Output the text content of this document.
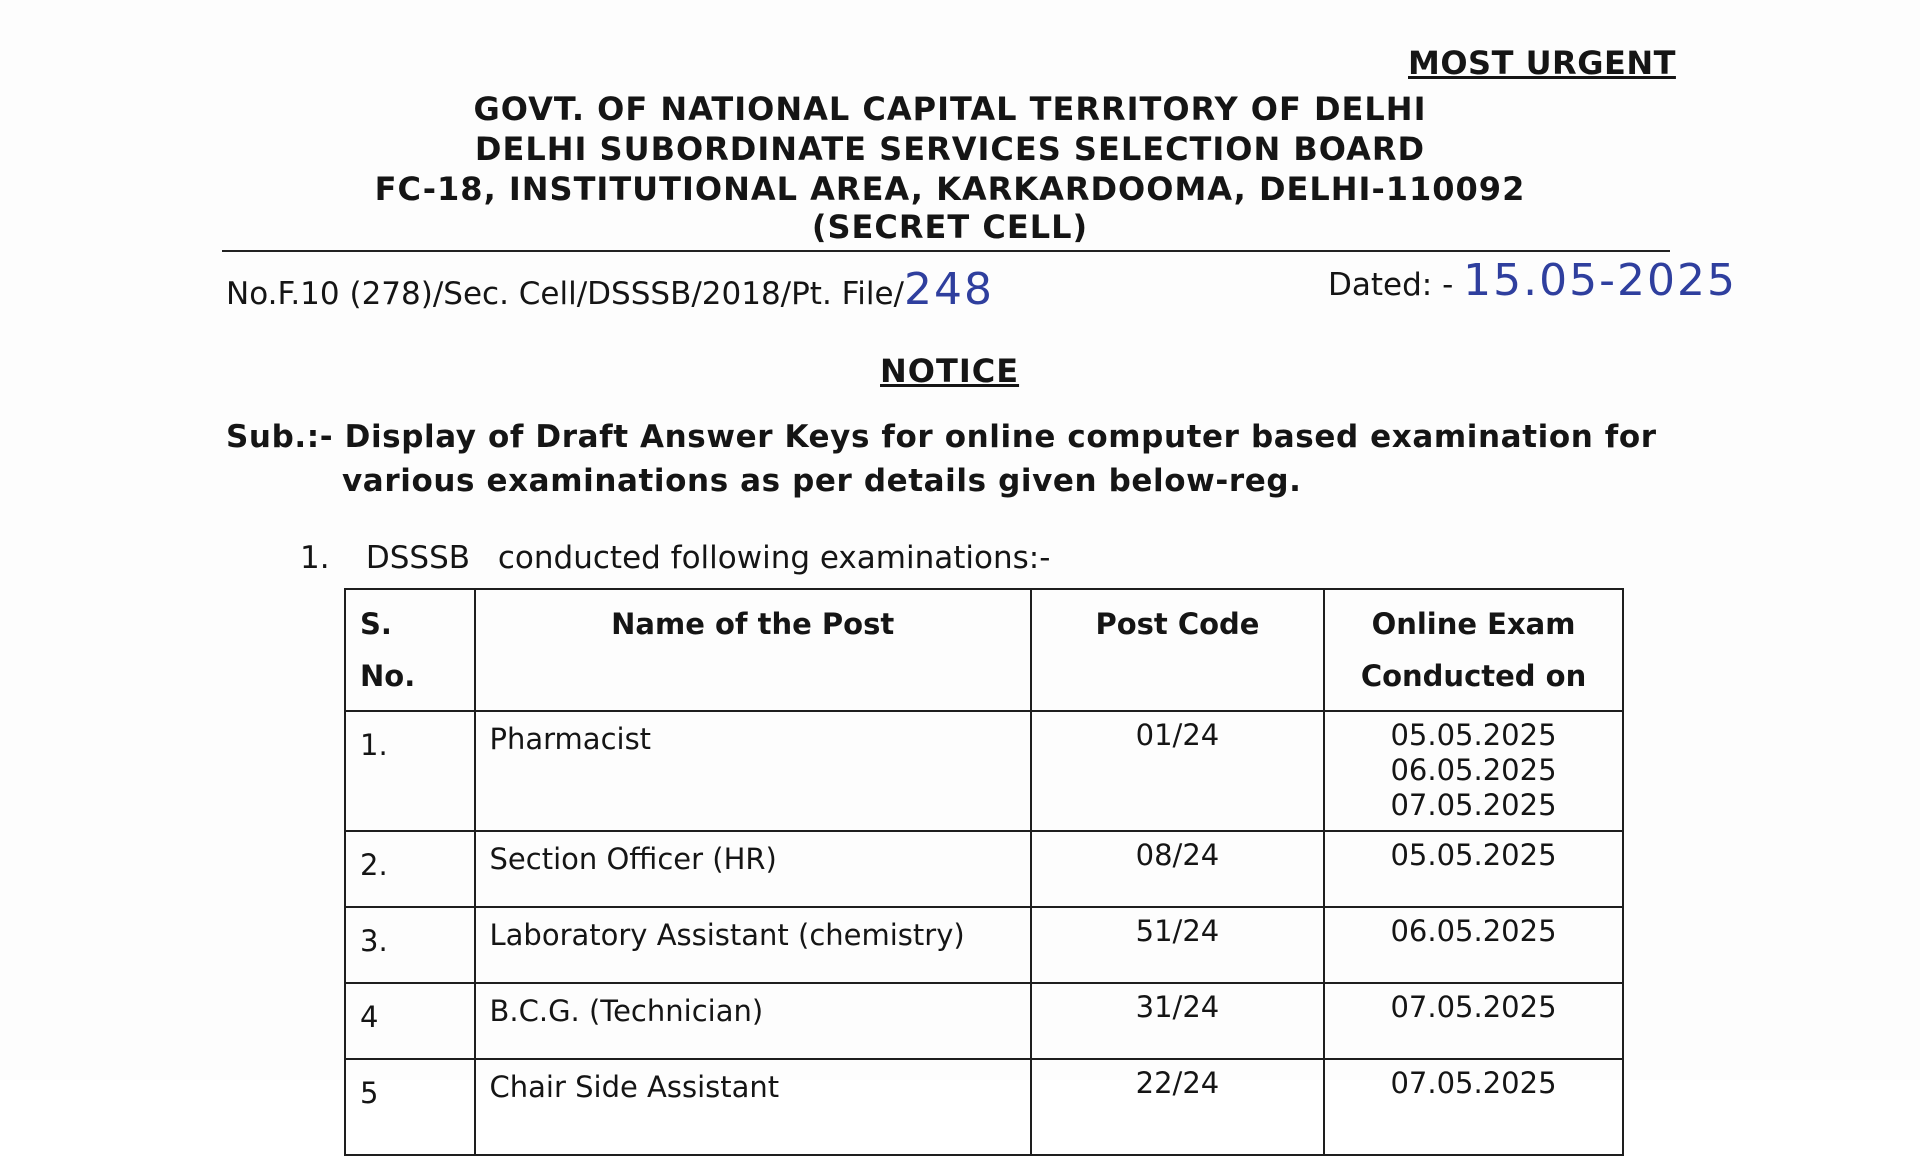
MOST URGENT
GOVT. OF NATIONAL CAPITAL TERRITORY OF DELHI
DELHI SUBORDINATE SERVICES SELECTION BOARD
FC-18, INSTITUTIONAL AREA, KARKARDOOMA, DELHI-110092
(SECRET CELL)
No.F.10 (278)/Sec. Cell/DSSSB/2018/Pt. File/248	Dated: - 15.05-2025
NOTICE
Sub.:- Display of Draft Answer Keys for online computer based examination for
various examinations as per details given below-reg.
1. DSSSB conducted following examinations:-
S.
No.	Name of the Post	Post Code	Online Exam
Conducted on
1.	Pharmacist	01/24	05.05.2025
06.05.2025
07.05.2025

2.	Section Officer (HR)	08/24	05.05.2025

3.	Laboratory Assistant (chemistry)	51/24	06.05.2025

4	B.C.G. (Technician)	31/24	07.05.2025

5	Chair Side Assistant	22/24	07.05.2025
